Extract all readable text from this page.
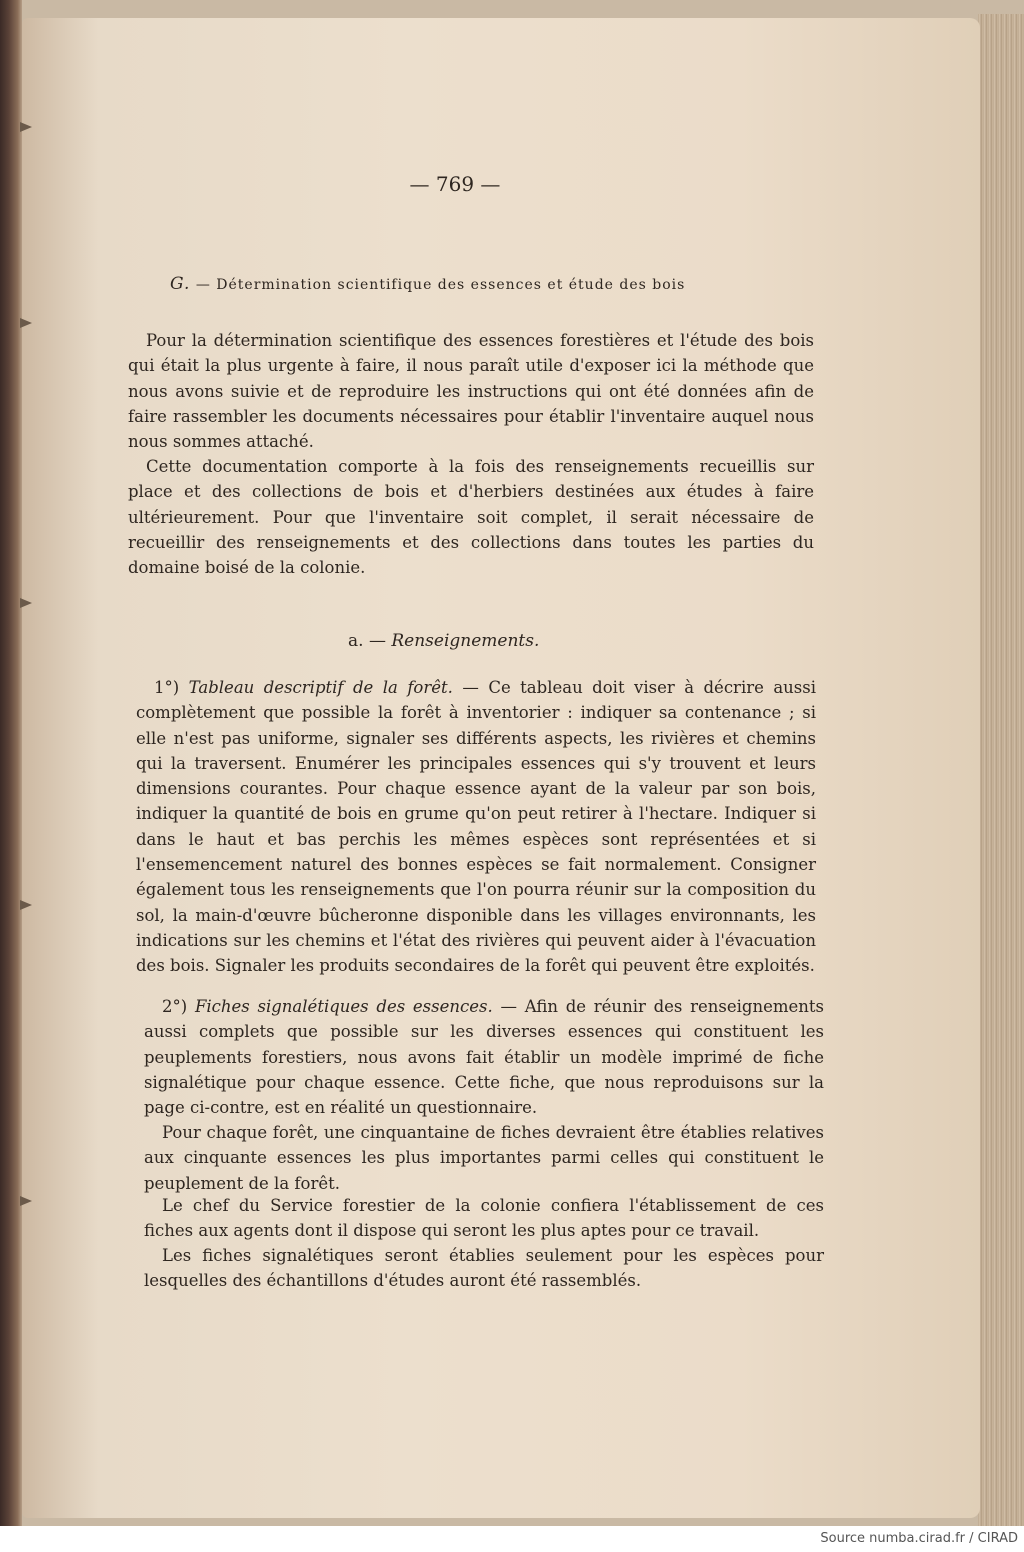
— 769 —
G. — Détermination scientifique des essences et étude des bois
Pour la détermination scientifique des essences forestières et l'étude des bois qui était la plus urgente à faire, il nous paraît utile d'exposer ici la méthode que nous avons suivie et de reproduire les instructions qui ont été données afin de faire rassembler les documents nécessaires pour établir l'inventaire auquel nous nous sommes attaché.
Cette documentation comporte à la fois des renseignements recueillis sur place et des collections de bois et d'herbiers destinées aux études à faire ultérieurement. Pour que l'inventaire soit complet, il serait nécessaire de recueillir des renseignements et des collections dans toutes les parties du domaine boisé de la colonie.
a. — Renseignements.
1°) Tableau descriptif de la forêt. — Ce tableau doit viser à décrire aussi complètement que possible la forêt à inventorier : indiquer sa contenance ; si elle n'est pas uniforme, signaler ses différents aspects, les rivières et chemins qui la traversent. Enumérer les principales essences qui s'y trouvent et leurs dimensions courantes. Pour chaque essence ayant de la valeur par son bois, indiquer la quantité de bois en grume qu'on peut retirer à l'hectare. Indiquer si dans le haut et bas perchis les mêmes espèces sont représentées et si l'ensemencement naturel des bonnes espèces se fait normalement. Consigner également tous les renseignements que l'on pourra réunir sur la composition du sol, la main-d'œuvre bûcheronne disponible dans les villages environnants, les indications sur les chemins et l'état des rivières qui peuvent aider à l'évacuation des bois. Signaler les produits secondaires de la forêt qui peuvent être exploités.
2°) Fiches signalétiques des essences. — Afin de réunir des renseignements aussi complets que possible sur les diverses essences qui constituent les peuplements forestiers, nous avons fait établir un modèle imprimé de fiche signalétique pour chaque essence. Cette fiche, que nous reproduisons sur la page ci-contre, est en réalité un questionnaire.
Pour chaque forêt, une cinquantaine de fiches devraient être établies relatives aux cinquante essences les plus importantes parmi celles qui constituent le peuplement de la forêt.
Le chef du Service forestier de la colonie confiera l'établissement de ces fiches aux agents dont il dispose qui seront les plus aptes pour ce travail.
Les fiches signalétiques seront établies seulement pour les espèces pour lesquelles des échantillons d'études auront été rassemblés.
Source numba.cirad.fr / CIRAD
